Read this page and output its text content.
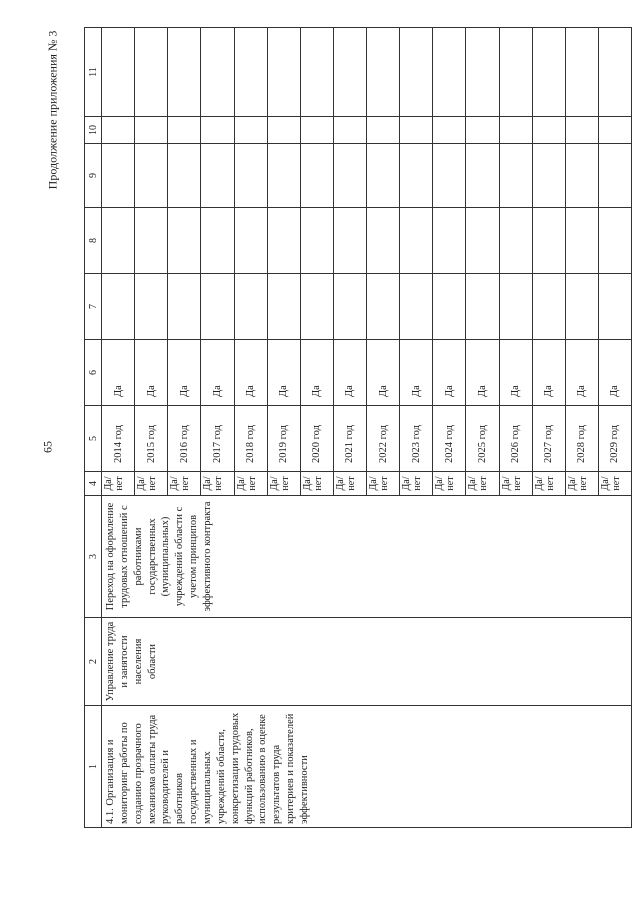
65
Продолжение приложения № 3
1	2	3	4	5	6	7	8	9	10	11
4.1. Организация и мониторинг работы по созданию прозрачного механизма оплаты труда руководителей и работников государственных и муниципальных учреждений области, конкретизации трудовых функций работников, использованию в оценке результатов труда критериев и показателей эффективности	Управление труда и занятости населения области	Переход на оформление трудовых отношений с работниками государственных (муниципальных) учреждений области с учетом принципов эффективного контракта	Да/ нет	2014 год	Да					
			Да/ нет	2015 год	Да					
			Да/ нет	2016 год	Да					
			Да/ нет	2017 год	Да					
			Да/ нет	2018 год	Да					
			Да/ нет	2019 год	Да					
			Да/ нет	2020 год	Да					
			Да/ нет	2021 год	Да					
			Да/ нет	2022 год	Да					
			Да/ нет	2023 год	Да					
			Да/ нет	2024 год	Да					
			Да/ нет	2025 год	Да					
			Да/ нет	2026 год	Да					
			Да/ нет	2027 год	Да					
			Да/ нет	2028 год	Да					
			Да/ нет	2029 год	Да					
